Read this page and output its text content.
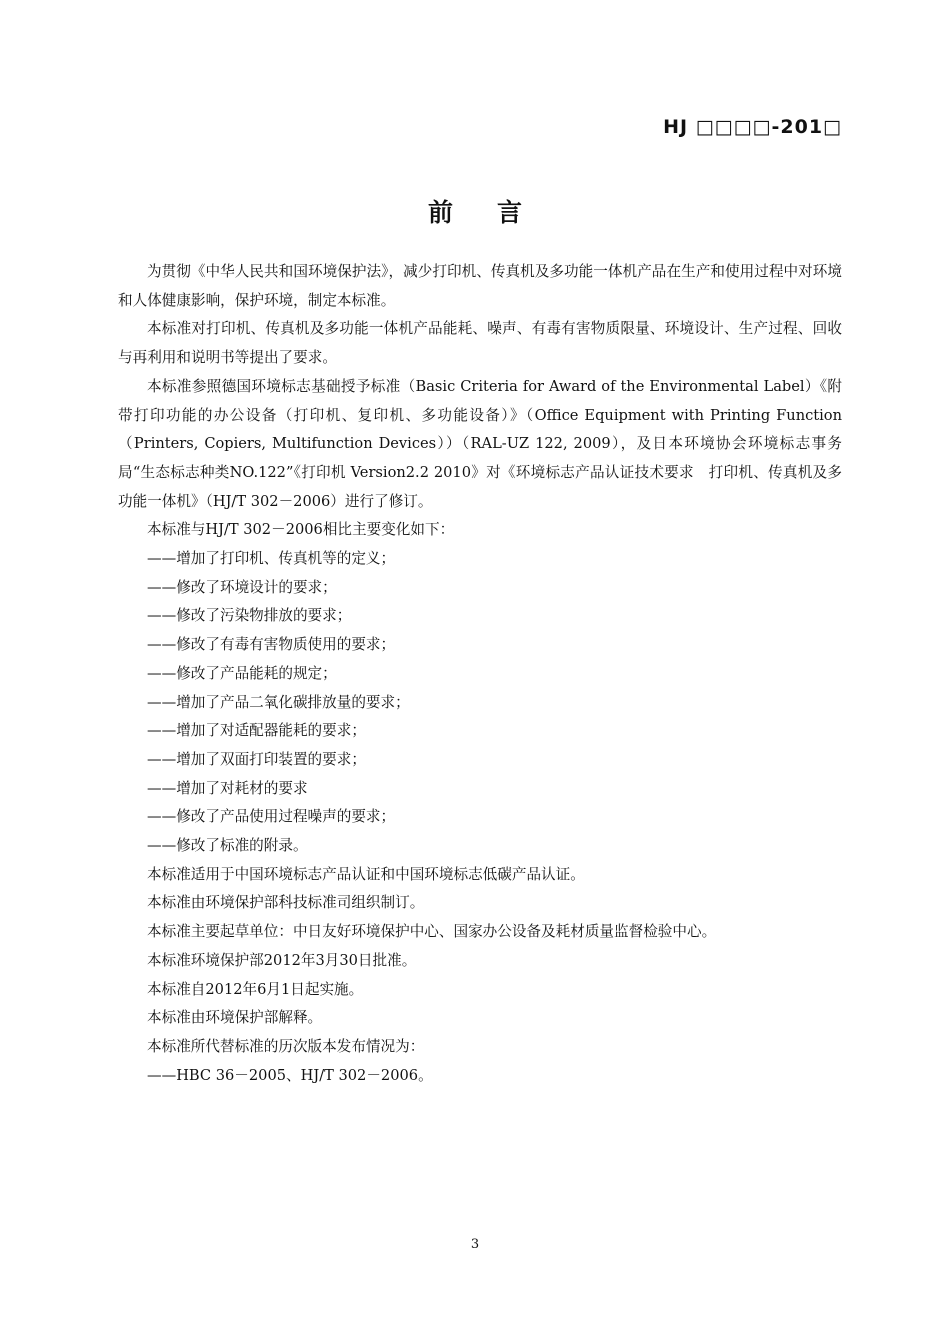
HJ □□□□-201□
前言

为贯彻《中华人民共和国环境保护法》，减少打印机、传真机及多功能一体机产品在生产和使用过程中对环境和人体健康影响，保护环境，制定本标准。

本标准对打印机、传真机及多功能一体机产品能耗、噪声、有毒有害物质限量、环境设计、生产过程、回收与再利用和说明书等提出了要求。

本标准参照德国环境标志基础授予标准（Basic Criteria for Award of the Environmental Label）《附带打印功能的办公设备（打印机、复印机、多功能设备）》（Office Equipment with Printing Function（Printers, Copiers, Multifunction Devices））（RAL-UZ 122, 2009），及日本环境协会环境标志事务局“生态标志种类NO.122”《打印机 Version2.2 2010》对《环境标志产品认证技术要求　打印机、传真机及多功能一体机》（HJ/T 302－2006）进行了修订。

本标准与HJ/T 302－2006相比主要变化如下：

——增加了打印机、传真机等的定义；

——修改了环境设计的要求；

——修改了污染物排放的要求；

——修改了有毒有害物质使用的要求；

——修改了产品能耗的规定；

——增加了产品二氧化碳排放量的要求；

——增加了对适配器能耗的要求；

——增加了双面打印装置的要求；

——增加了对耗材的要求

——修改了产品使用过程噪声的要求；

——修改了标准的附录。

本标准适用于中国环境标志产品认证和中国环境标志低碳产品认证。

本标准由环境保护部科技标准司组织制订。

本标准主要起草单位：中日友好环境保护中心、国家办公设备及耗材质量监督检验中心。

本标准环境保护部2012年3月30日批准。

本标准自2012年6月1日起实施。

本标准由环境保护部解释。

本标准所代替标准的历次版本发布情况为：

——HBC 36－2005、HJ/T 302－2006。

3
